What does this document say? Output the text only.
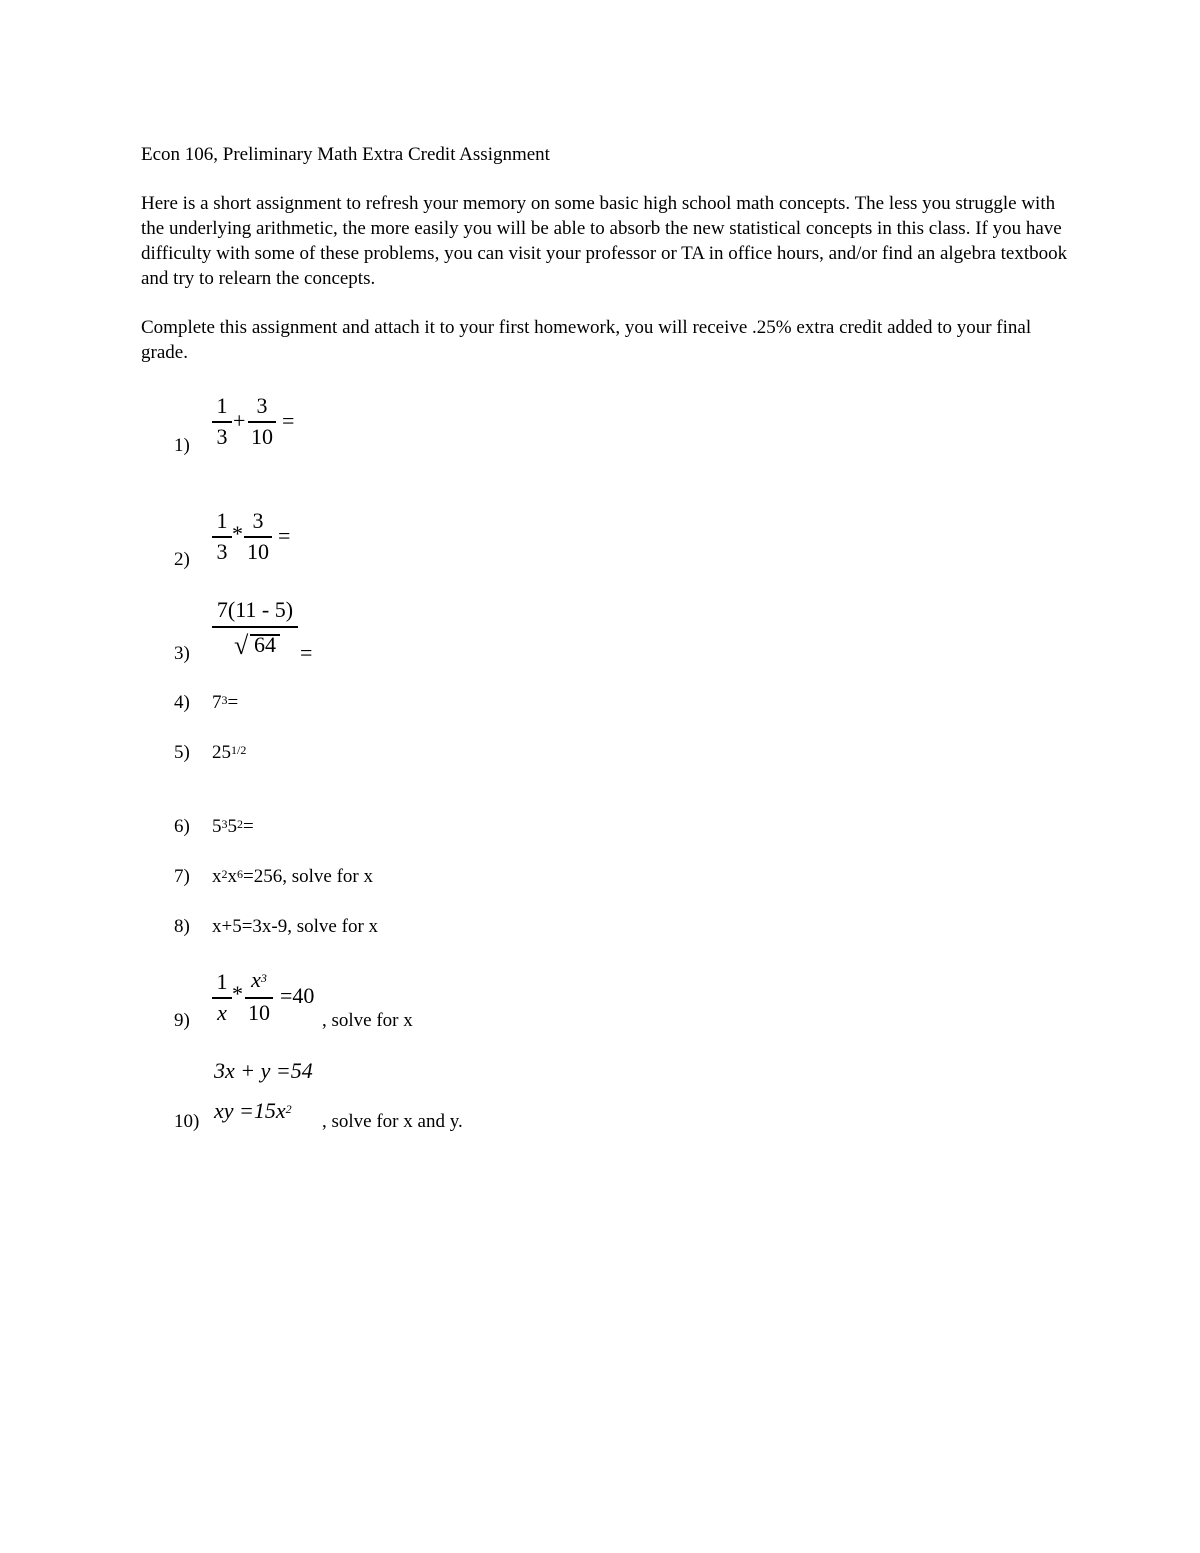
Econ 106, Preliminary Math Extra Credit Assignment
Here is a short assignment to refresh your memory on some basic high school math concepts. The less you struggle with the underlying arithmetic, the more easily you will be able to absorb the new statistical concepts in this class. If you have difficulty with some of these problems, you can visit your professor or TA in office hours, and/or find an algebra textbook and try to relearn the concepts.
Complete this assignment and attach it to your first homework, you will receive .25% extra credit added to your final grade.
1)
1
3
+
3
10
=
2)
1
3
*
3
10
=
3)
7(11 - 5)
√ 64 =
4) $7^3=$
5) $25^{1/2}$
6) $5^35^2=$
7) $x^2x^6=256$, solve for x
8) x+5=3x-9, solve for x
9)
1
x
*
$x^3$
10
=40
, solve for x
10)
3x + y =54
xy $=15x^2$
, solve for x and y.
